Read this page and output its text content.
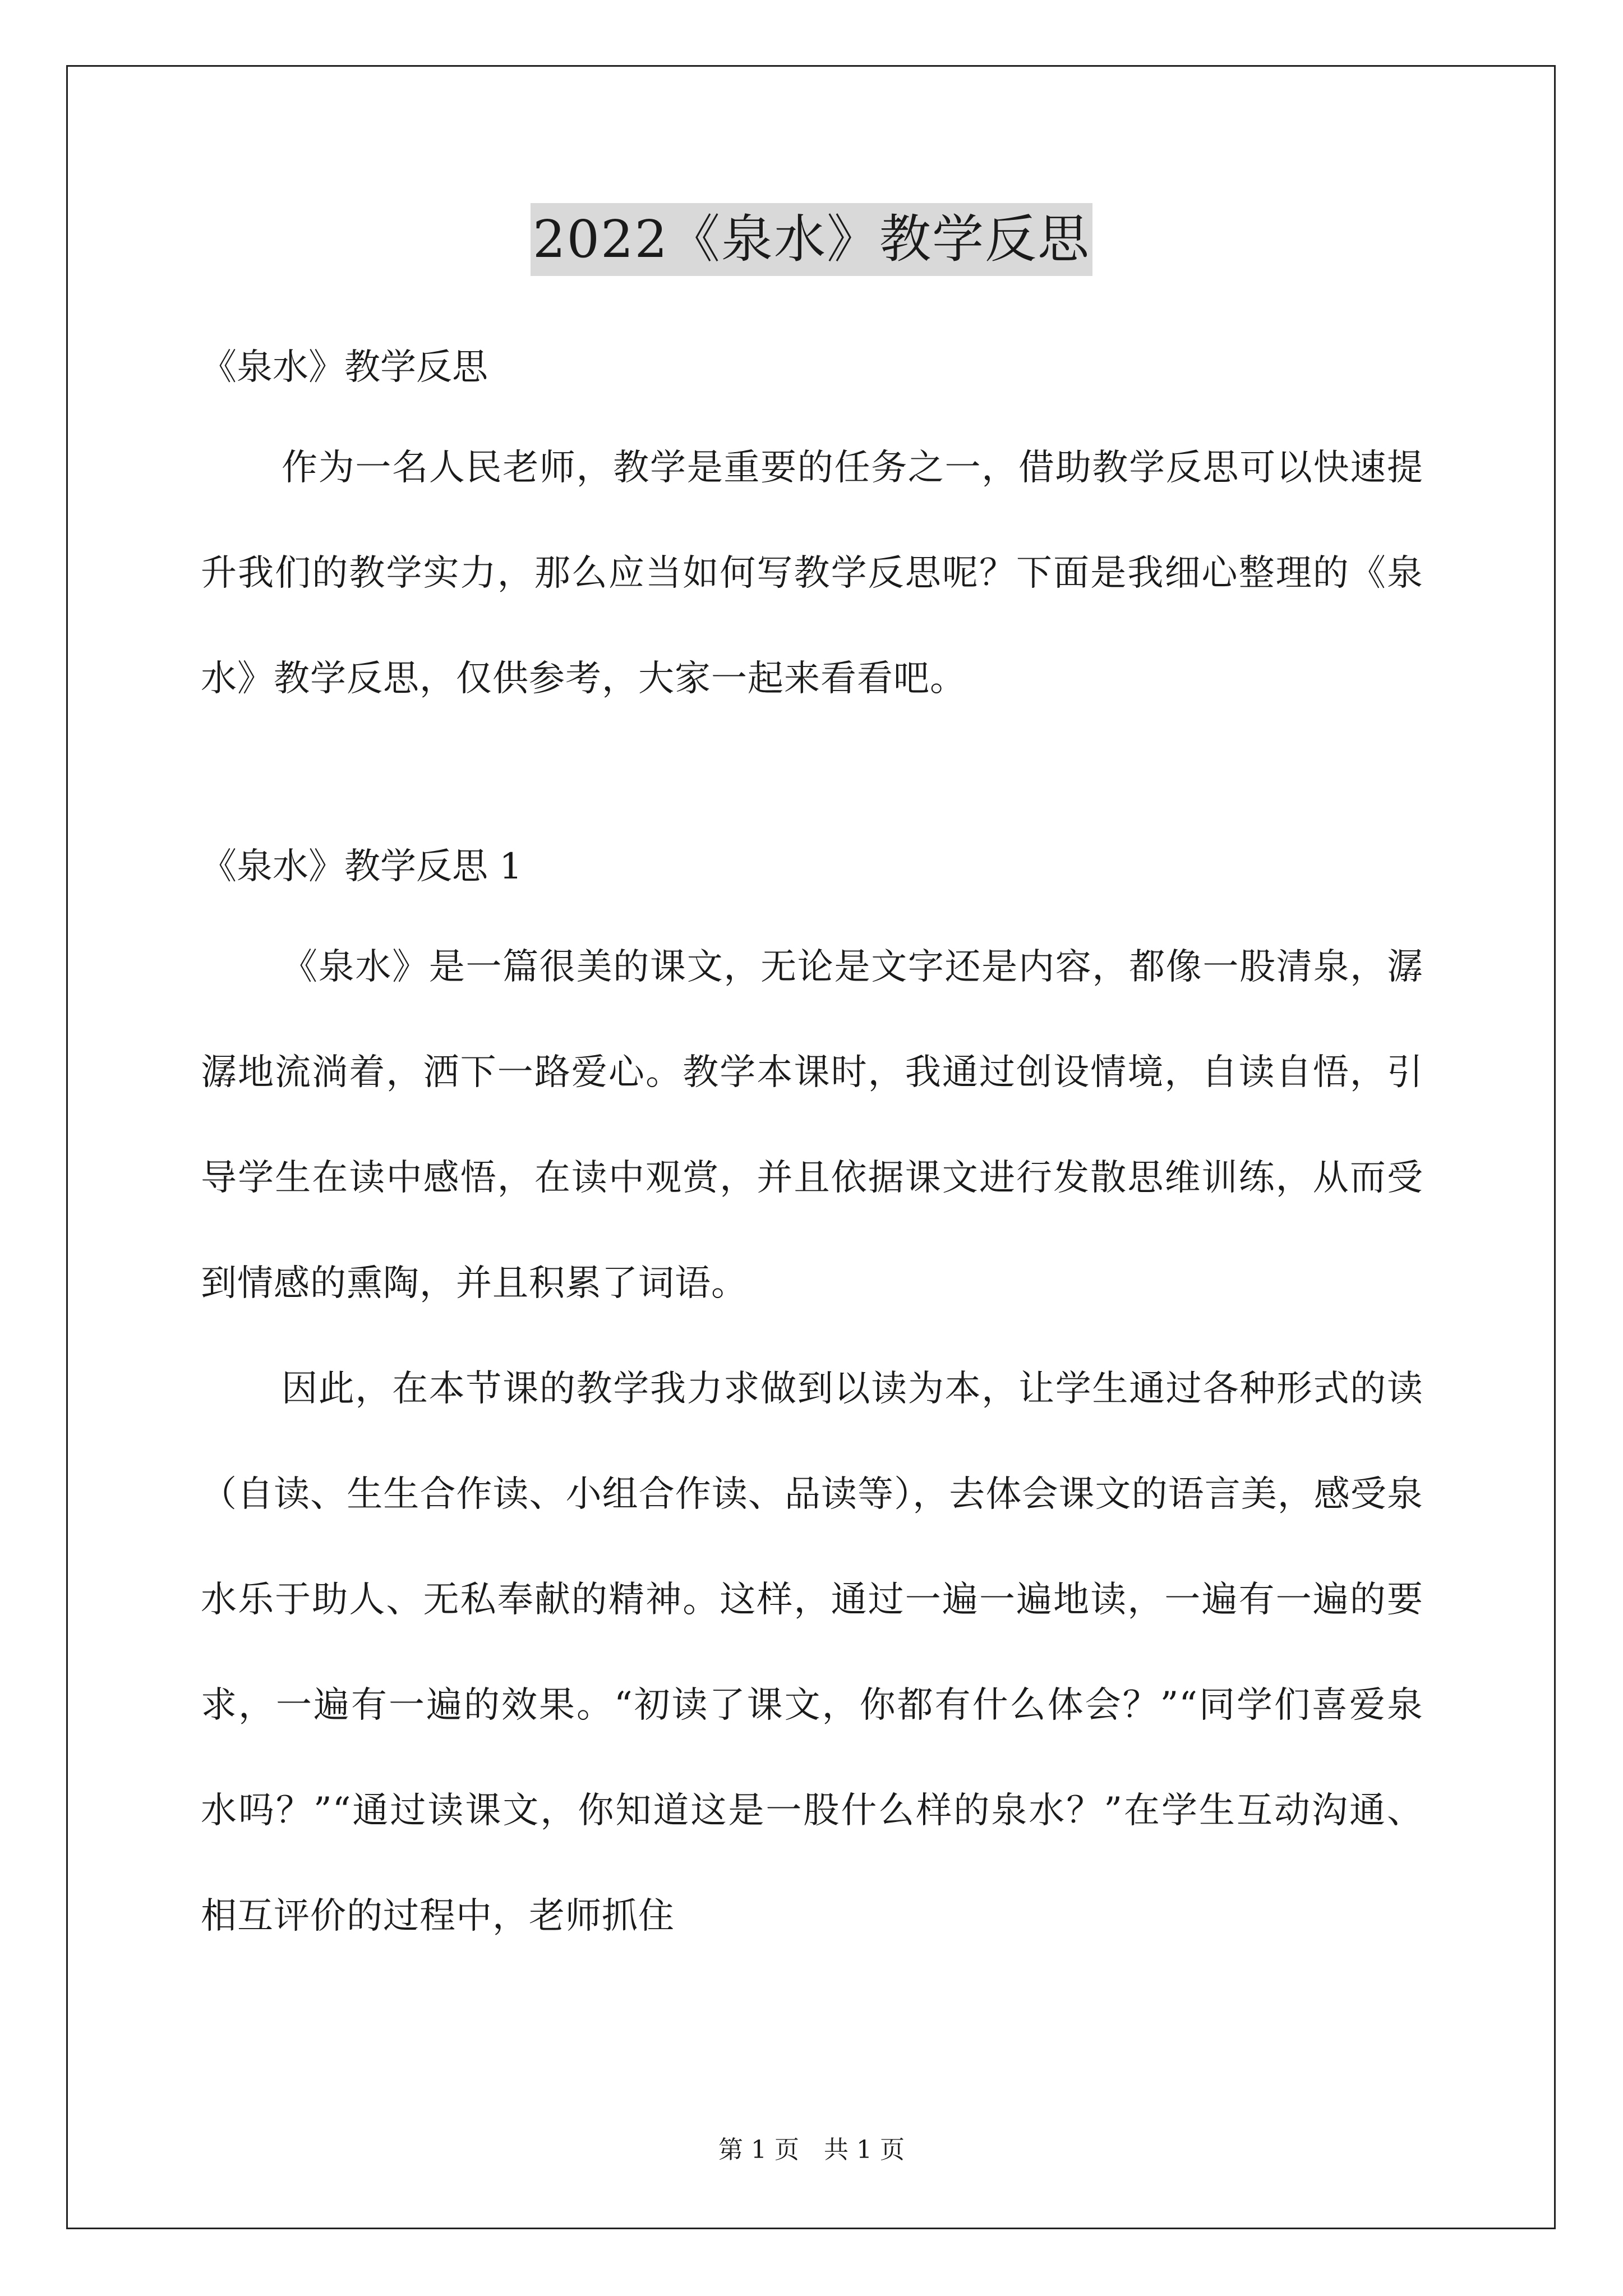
2022《泉水》教学反思

《泉水》教学反思

作为一名人民老师，教学是重要的任务之一，借助教学反思可以快速提升我们的教学实力，那么应当如何写教学反思呢？下面是我细心整理的《泉水》教学反思，仅供参考，大家一起来看看吧。

《泉水》教学反思 1

《泉水》是一篇很美的课文，无论是文字还是内容，都像一股清泉，潺潺地流淌着，洒下一路爱心。教学本课时，我通过创设情境，自读自悟，引导学生在读中感悟，在读中观赏，并且依据课文进行发散思维训练，从而受到情感的熏陶，并且积累了词语。

因此，在本节课的教学我力求做到以读为本，让学生通过各种形式的读（自读、生生合作读、小组合作读、品读等），去体会课文的语言美，感受泉水乐于助人、无私奉献的精神。这样，通过一遍一遍地读，一遍有一遍的要求，一遍有一遍的效果。“初读了课文，你都有什么体会？”“同学们喜爱泉水吗？”“通过读课文，你知道这是一股什么样的泉水？”在学生互动沟通、相互评价的过程中，老师抓住

第 1 页　共 1 页
